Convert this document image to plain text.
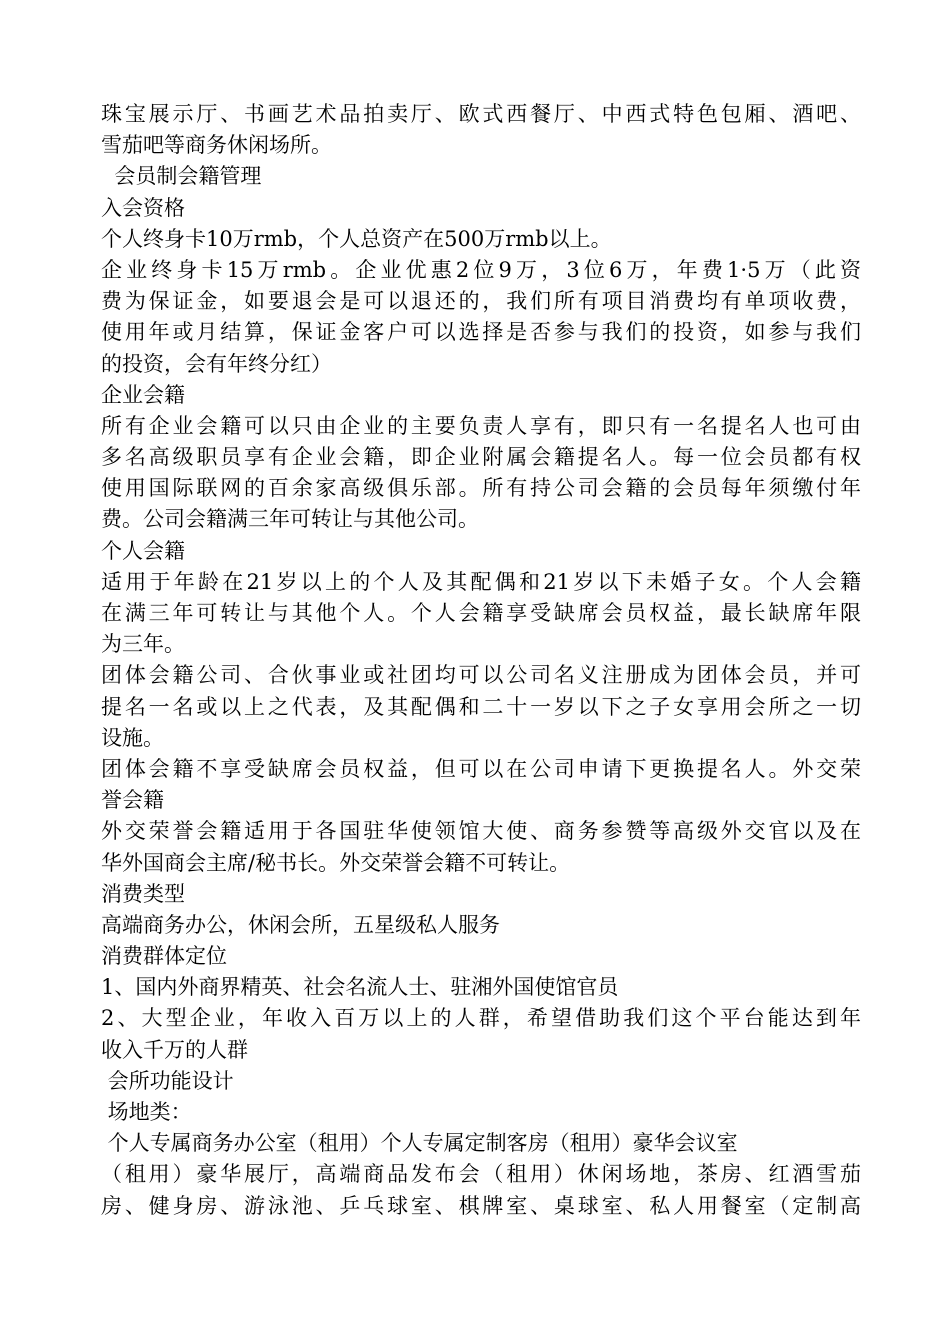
珠宝展示厅、书画艺术品拍卖厅、欧式西餐厅、中西式特色包厢、酒吧、
雪茄吧等商务休闲场所。
会员制会籍管理
入会资格
个人终身卡10万rmb，个人总资产在500万rmb以上。
企业终身卡15万rmb。企业优惠2位9万，3位6万，年费1·5万（此资
费为保证金，如要退会是可以退还的，我们所有项目消费均有单项收费，
使用年或月结算，保证金客户可以选择是否参与我们的投资，如参与我们
的投资，会有年终分红）
企业会籍
所有企业会籍可以只由企业的主要负责人享有，即只有一名提名人也可由
多名高级职员享有企业会籍，即企业附属会籍提名人。每一位会员都有权
使用国际联网的百余家高级俱乐部。所有持公司会籍的会员每年须缴付年
费。公司会籍满三年可转让与其他公司。
个人会籍
适用于年龄在21岁以上的个人及其配偶和21岁以下未婚子女。个人会籍
在满三年可转让与其他个人。个人会籍享受缺席会员权益，最长缺席年限
为三年。
团体会籍公司、合伙事业或社团均可以公司名义注册成为团体会员，并可
提名一名或以上之代表，及其配偶和二十一岁以下之子女享用会所之一切
设施。
团体会籍不享受缺席会员权益，但可以在公司申请下更换提名人。外交荣
誉会籍
外交荣誉会籍适用于各国驻华使领馆大使、商务参赞等高级外交官以及在
华外国商会主席/秘书长。外交荣誉会籍不可转让。
消费类型
高端商务办公，休闲会所，五星级私人服务
消费群体定位
1、国内外商界精英、社会名流人士、驻湘外国使馆官员
2、大型企业，年收入百万以上的人群，希望借助我们这个平台能达到年
收入千万的人群
会所功能设计
场地类：
个人专属商务办公室（租用）个人专属定制客房（租用）豪华会议室
（租用）豪华展厅，高端商品发布会（租用）休闲场地，茶房、红酒雪茄
房、健身房、游泳池、乒乓球室、棋牌室、桌球室、私人用餐室（定制高
